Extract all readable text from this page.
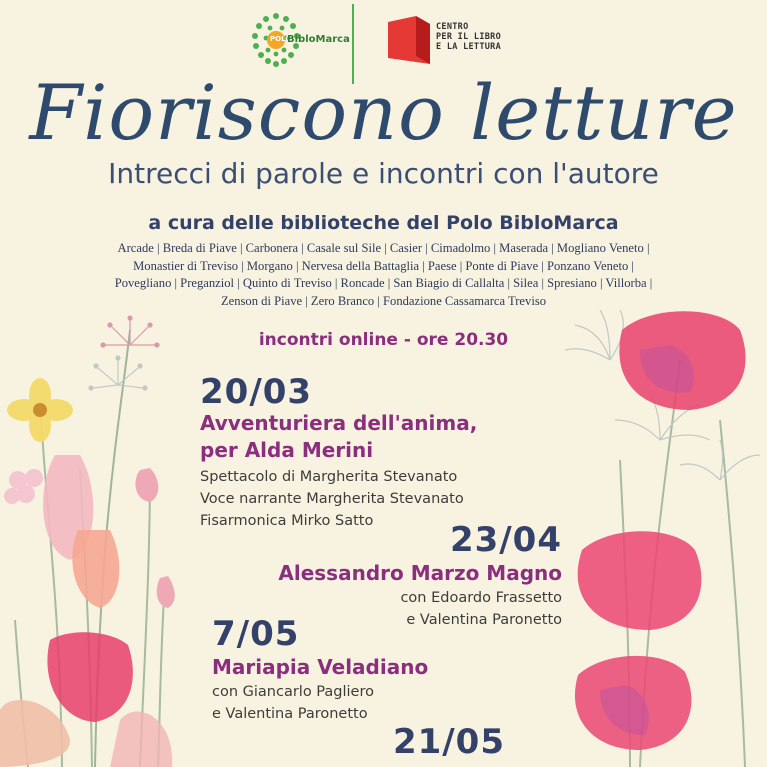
POLO
BibloMarca
CENTRO
PER IL LIBRO
E LA LETTURA
Fioriscono letture
Intrecci di parole e incontri con l'autore
a cura delle biblioteche del Polo BibloMarca
Arcade | Breda di Piave | Carbonera | Casale sul Sile | Casier | Cimadolmo | Maserada | Mogliano Veneto |
Monastier di Treviso | Morgano | Nervesa della Battaglia | Paese | Ponte di Piave | Ponzano Veneto |
Povegliano | Preganziol | Quinto di Treviso | Roncade | San Biagio di Callalta | Silea | Spresiano | Villorba |
Zenson di Piave | Zero Branco | Fondazione Cassamarca Treviso
incontri online - ore 20.30
20/03
Avventuriera dell'anima,
per Alda Merini
Spettacolo di Margherita Stevanato
Voce narrante Margherita Stevanato
Fisarmonica Mirko Satto	23/04
Alessandro Marzo Magno
con Edoardo Frassetto
e Valentina Paronetto
7/05
Mariapia Veladiano
con Giancarlo Pagliero
e Valentina Paronetto
21/05
